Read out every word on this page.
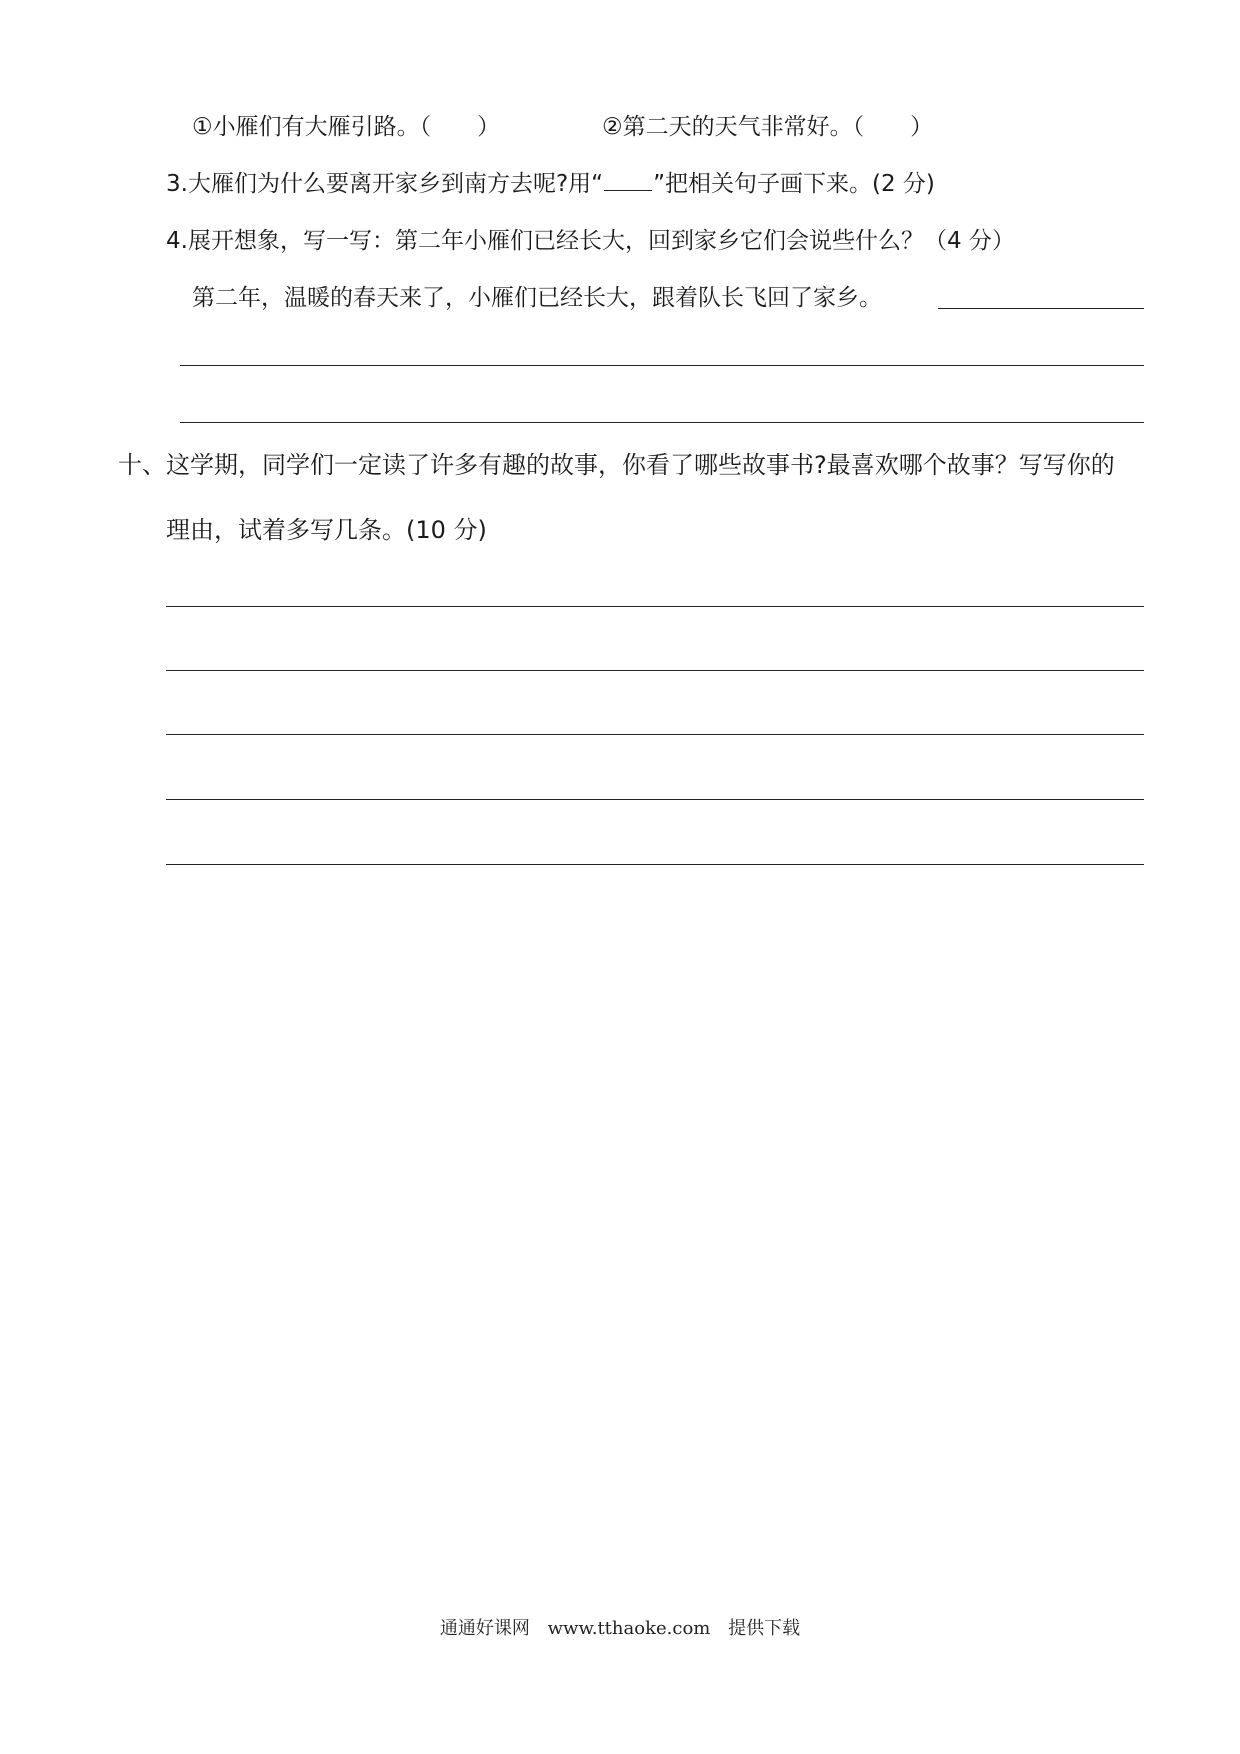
①小雁们有大雁引路。（　　）	②第二天的天气非常好。（　　）
3.大雁们为什么要离开家乡到南方去呢?用“ ”把相关句子画下来。(2 分)
4.展开想象，写一写：第二年小雁们已经长大，回到家乡它们会说些什么？（4 分）
第二年，温暖的春天来了，小雁们已经长大，跟着队长飞回了家乡。
十、这学期，同学们一定读了许多有趣的故事，你看了哪些故事书?最喜欢哪个故事？写写你的
理由，试着多写几条。(10 分)
通通好课网 www.tthaoke.com 提供下载
